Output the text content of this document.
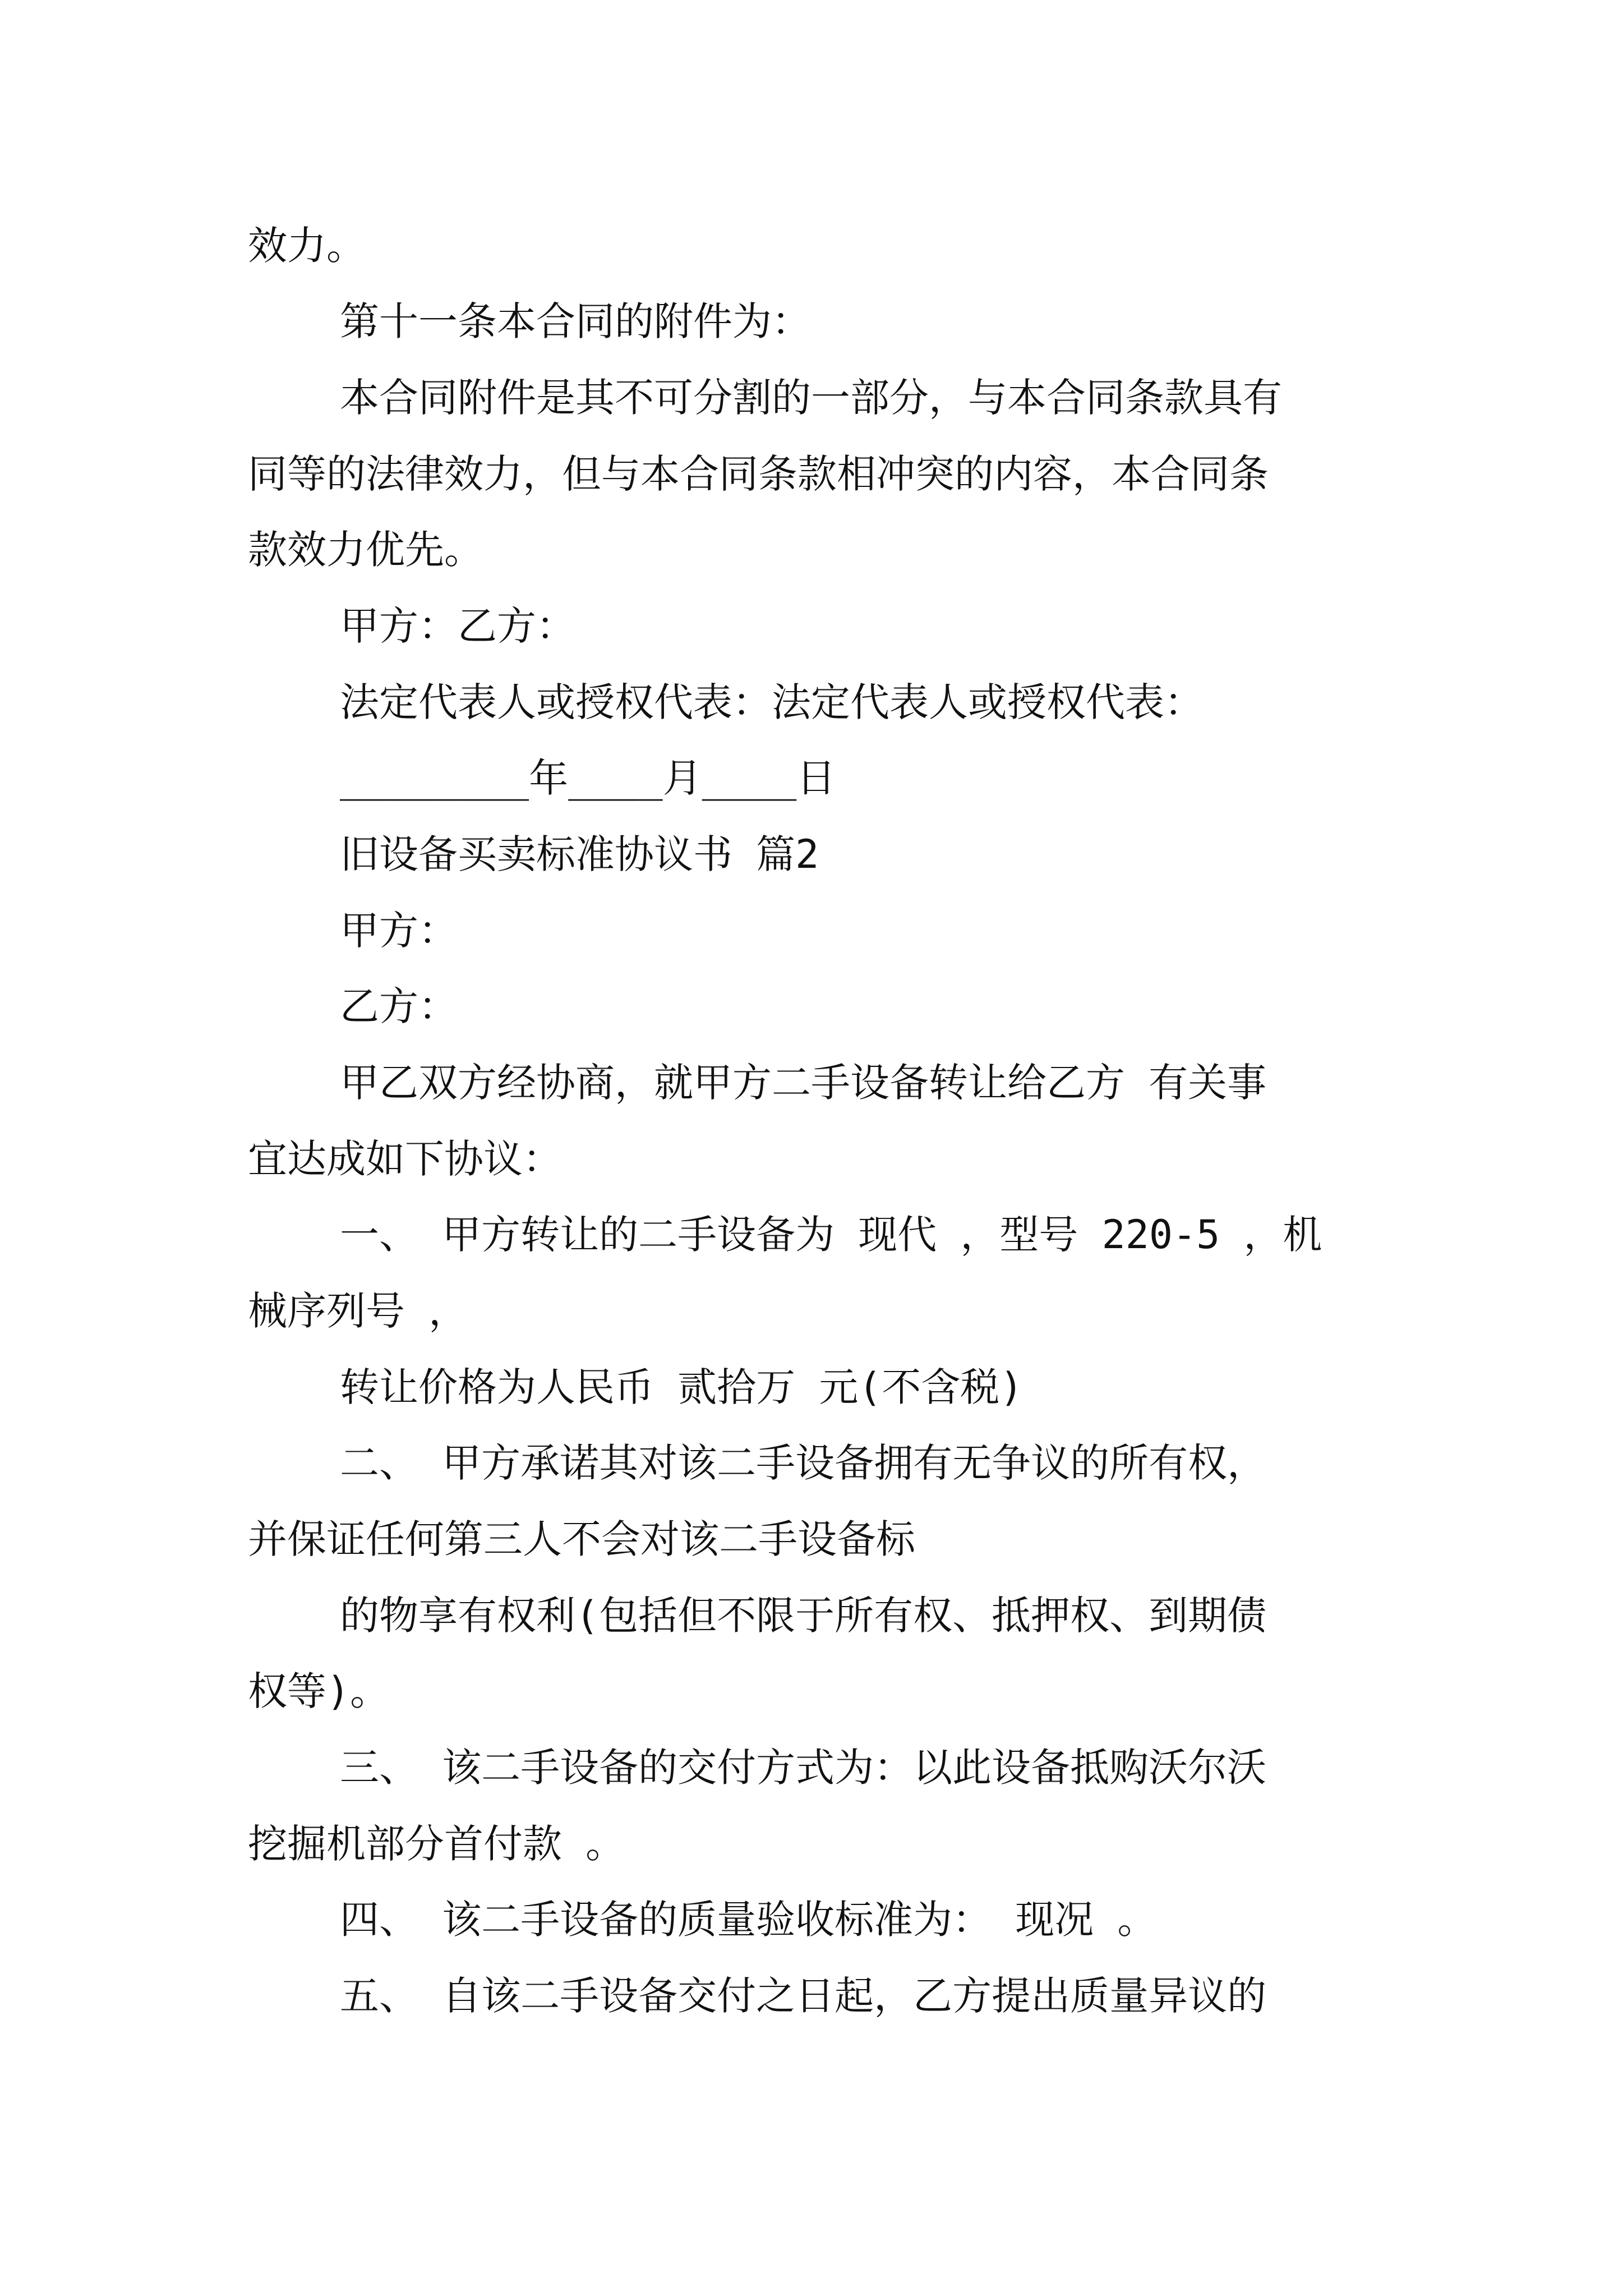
效力。
第十一条本合同的附件为：
本合同附件是其不可分割的一部分，与本合同条款具有
同等的法律效力，但与本合同条款相冲突的内容，本合同条
款效力优先。
甲方：乙方：
法定代表人或授权代表：法定代表人或授权代表：
________年____月____日
旧设备买卖标准协议书 篇2
甲方：
乙方：
甲乙双方经协商，就甲方二手设备转让给乙方 有关事
宜达成如下协议：
一、 甲方转让的二手设备为 现代 ，型号 220-5 ，机
械序列号 ，
转让价格为人民币 贰拾万 元(不含税)
二、 甲方承诺其对该二手设备拥有无争议的所有权，
并保证任何第三人不会对该二手设备标
的物享有权利(包括但不限于所有权、抵押权、到期债
权等)。
三、 该二手设备的交付方式为：以此设备抵购沃尔沃
挖掘机部分首付款 。
四、 该二手设备的质量验收标准为： 现况 。
五、 自该二手设备交付之日起，乙方提出质量异议的
